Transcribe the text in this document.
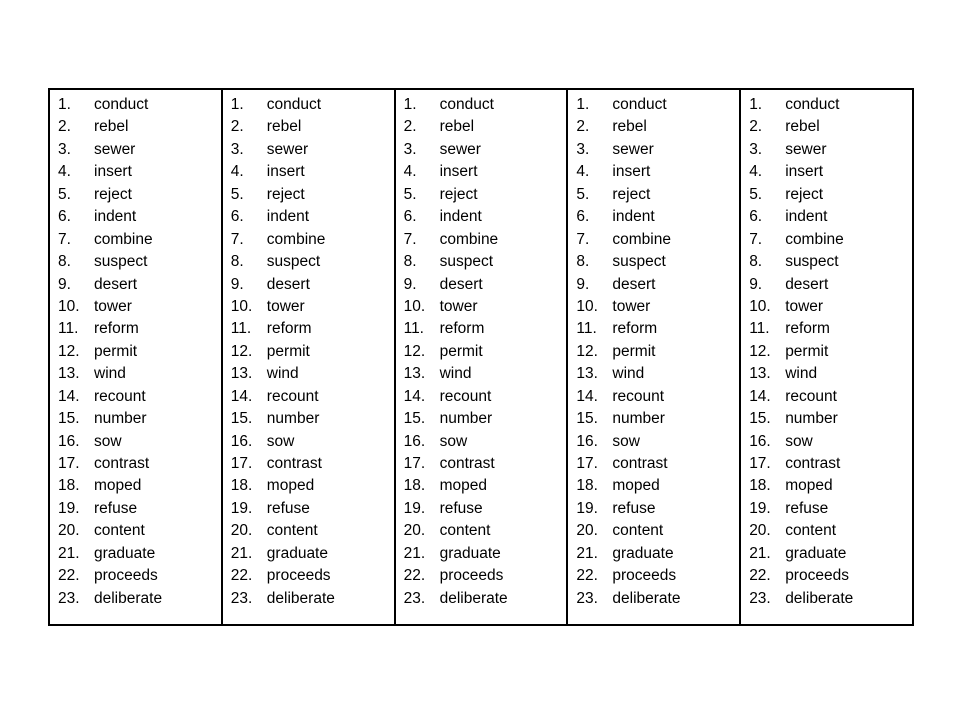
1.	conduct
2.	rebel
3.	sewer
4.	insert
5.	reject
6.	indent
7.	combine
8.	suspect
9.	desert
10. tower
11.	reform
12. permit
13. wind
14. recount
15. number
16. sow
17. contrast
18. moped
19. refuse
20. content
21. graduate
22. proceeds
23. deliberate

1.	conduct
2.	rebel
3.	sewer
4.	insert
5.	reject
6.	indent
7.	combine
8.	suspect
9.	desert
10. tower
11.	reform
12. permit
13. wind
14. recount
15. number
16. sow
17. contrast
18. moped
19. refuse
20. content
21. graduate
22. proceeds
23. deliberate

1.	conduct
2.	rebel
3.	sewer
4.	insert
5.	reject
6.	indent
7.	combine
8.	suspect
9.	desert
10. tower
11.	reform
12. permit
13. wind
14. recount
15. number
16. sow
17. contrast
18. moped
19. refuse
20. content
21. graduate
22. proceeds
23. deliberate

1.	conduct
2.	rebel
3.	sewer
4.	insert
5.	reject
6.	indent
7.	combine
8.	suspect
9.	desert
10. tower
11.	reform
12. permit
13. wind
14. recount
15. number
16. sow
17. contrast
18. moped
19. refuse
20. content
21. graduate
22. proceeds
23. deliberate

1.	conduct
2.	rebel
3.	sewer
4.	insert
5.	reject
6.	indent
7.	combine
8.	suspect
9.	desert
10. tower
11.	reform
12. permit
13. wind
14. recount
15. number
16. sow
17. contrast
18. moped
19. refuse
20. content
21. graduate
22. proceeds
23. deliberate
